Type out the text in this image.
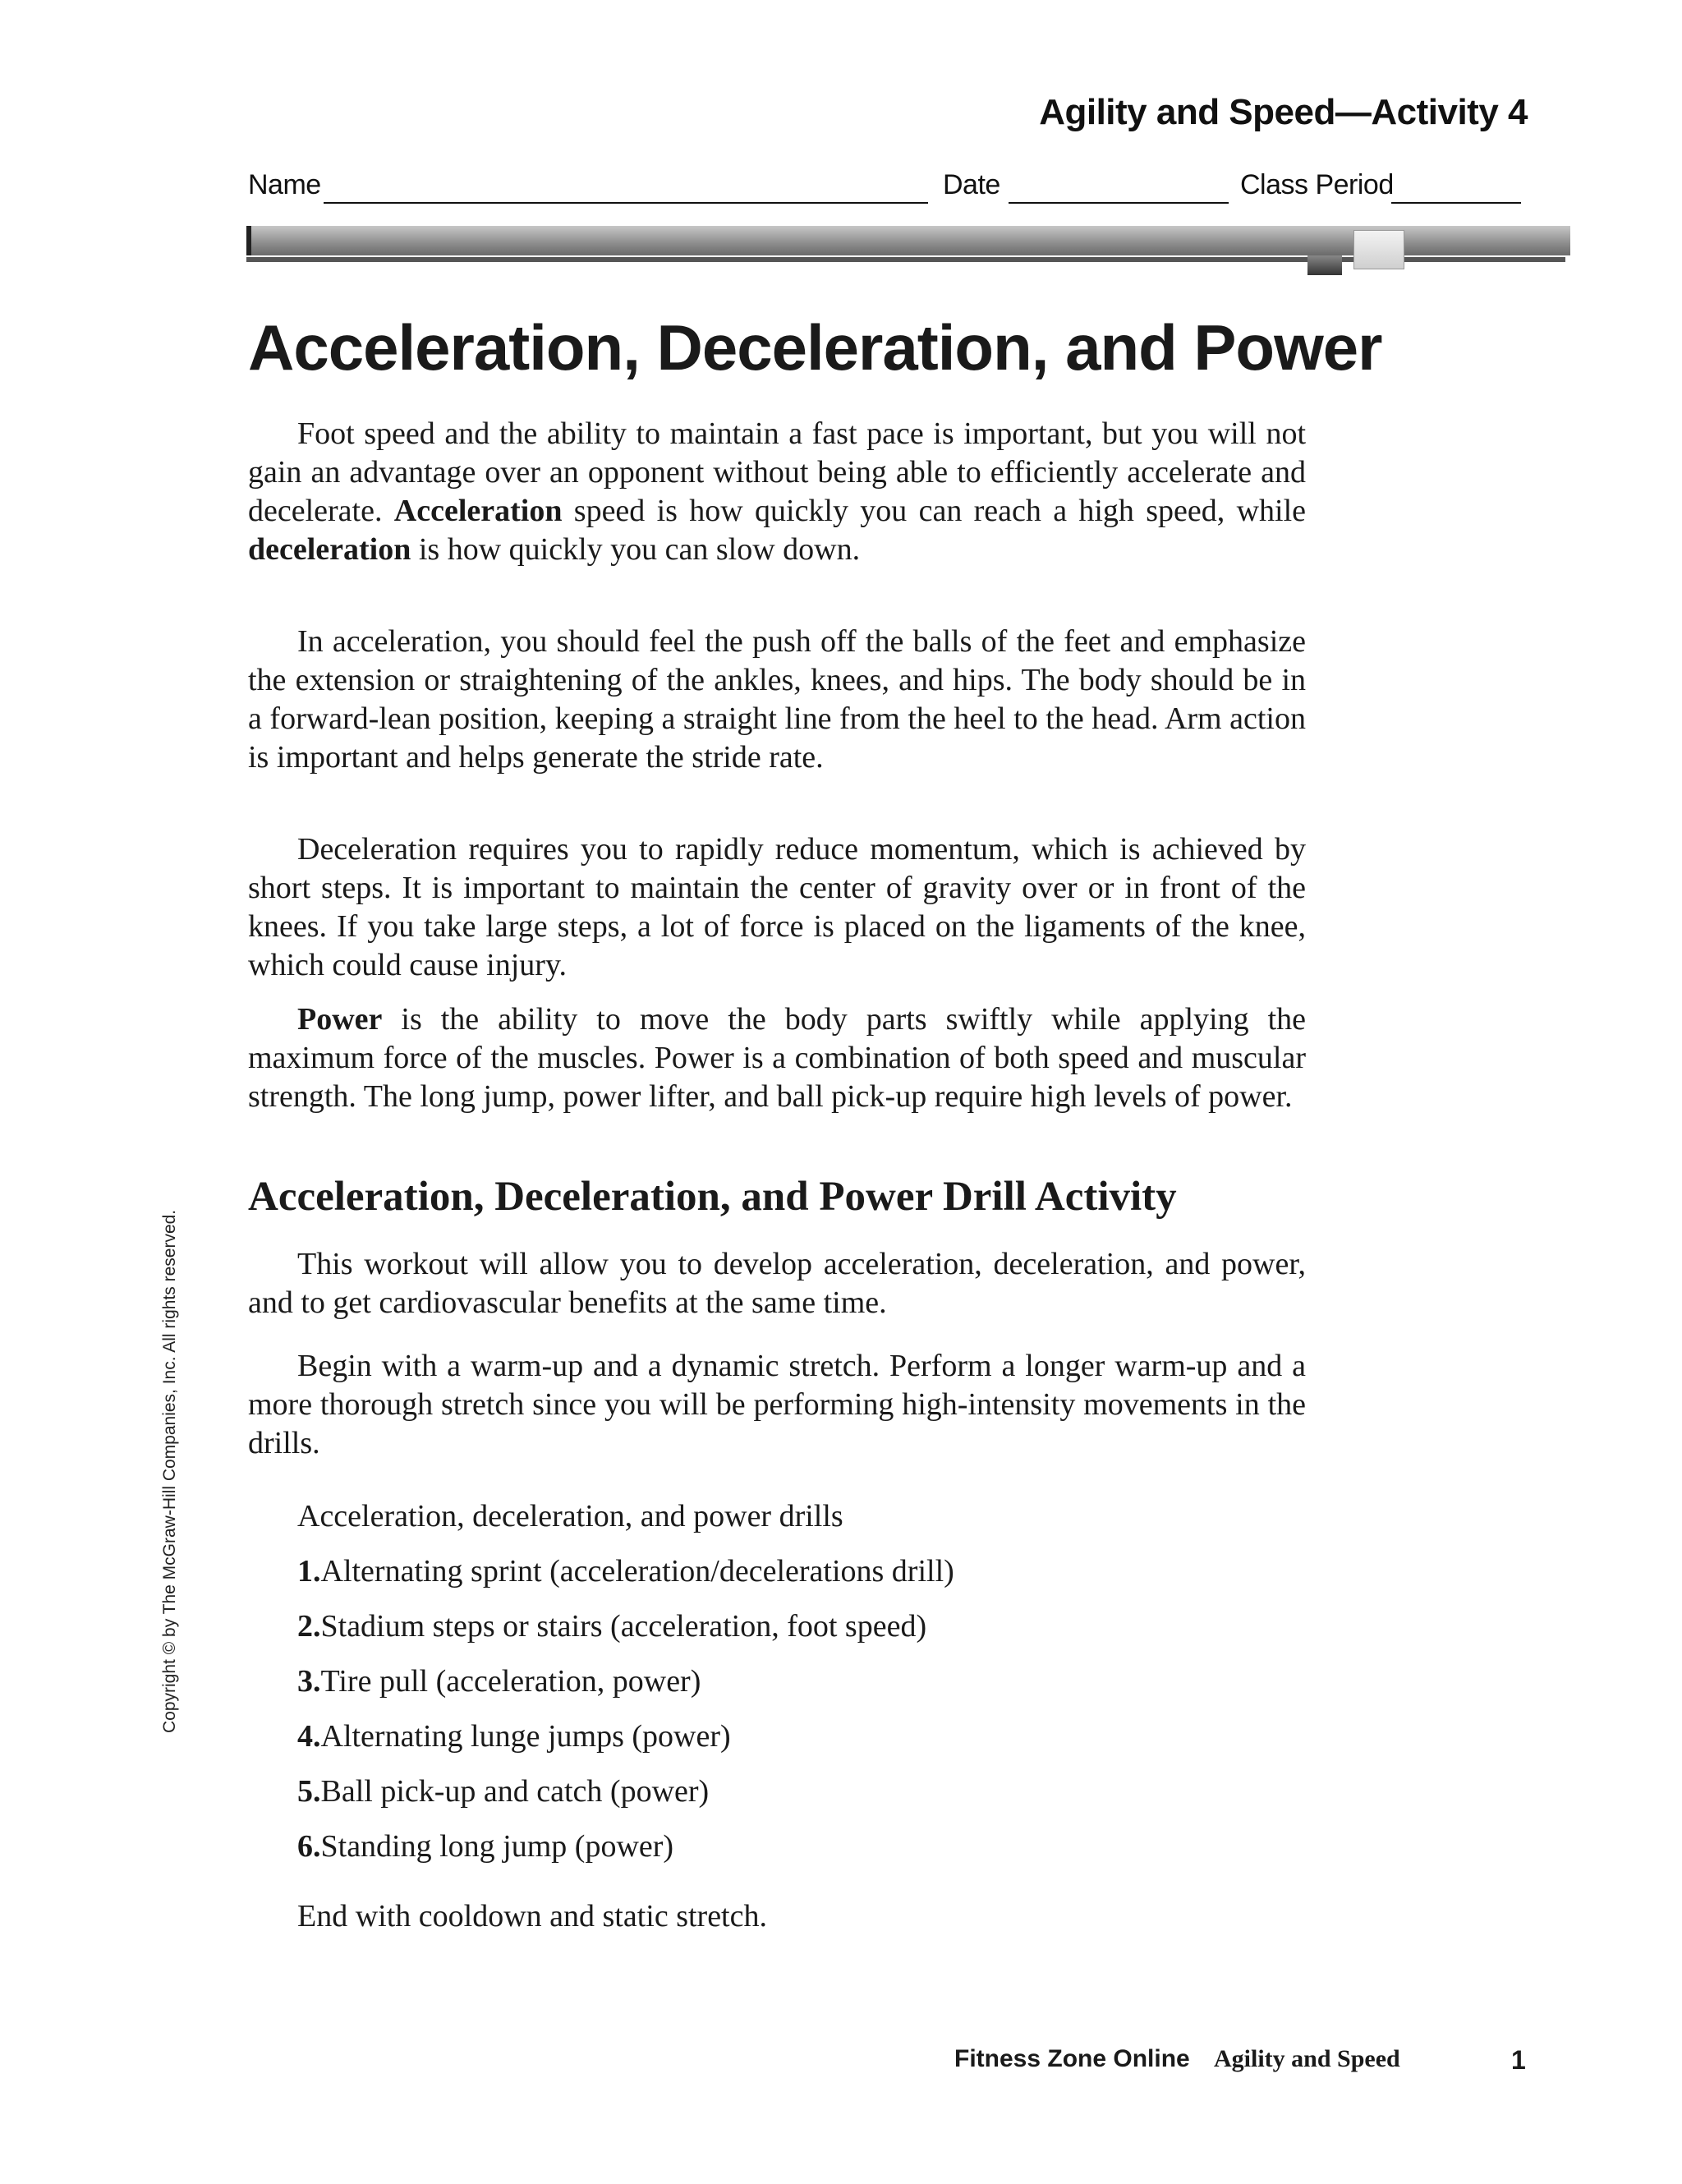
Agility and Speed—Activity 4
Name	Date	Class Period
Acceleration, Deceleration, and Power

Foot speed and the ability to maintain a fast pace is important, but you will not gain an advantage over an opponent without being able to efficiently accelerate and decelerate. Acceleration speed is how quickly you can reach a high speed, while deceleration is how quickly you can slow down.

In acceleration, you should feel the push off the balls of the feet and emphasize the extension or straightening of the ankles, knees, and hips. The body should be in a forward-lean position, keeping a straight line from the heel to the head. Arm action is important and helps generate the stride rate.

Deceleration requires you to rapidly reduce momentum, which is achieved by short steps. It is important to maintain the center of gravity over or in front of the knees. If you take large steps, a lot of force is placed on the ligaments of the knee, which could cause injury.

Power is the ability to move the body parts swiftly while applying the maximum force of the muscles. Power is a combination of both speed and muscular strength. The long jump, power lifter, and ball pick-up require high levels of power.

Acceleration, Deceleration, and Power Drill Activity

This workout will allow you to develop acceleration, deceleration, and power, and to get cardiovascular benefits at the same time.

Begin with a warm-up and a dynamic stretch. Perform a longer warm-up and a more thorough stretch since you will be performing high-intensity movements in the drills.

Acceleration, deceleration, and power drills

1.Alternating sprint (acceleration/decelerations drill)

2.Stadium steps or stairs (acceleration, foot speed)

3.Tire pull (acceleration, power)

4.Alternating lunge jumps (power)

5.Ball pick-up and catch (power)

6.Standing long jump (power)

End with cooldown and static stretch.

Copyright © by The McGraw-Hill Companies, Inc. All rights reserved.
Fitness Zone Online Agility and Speed	1
